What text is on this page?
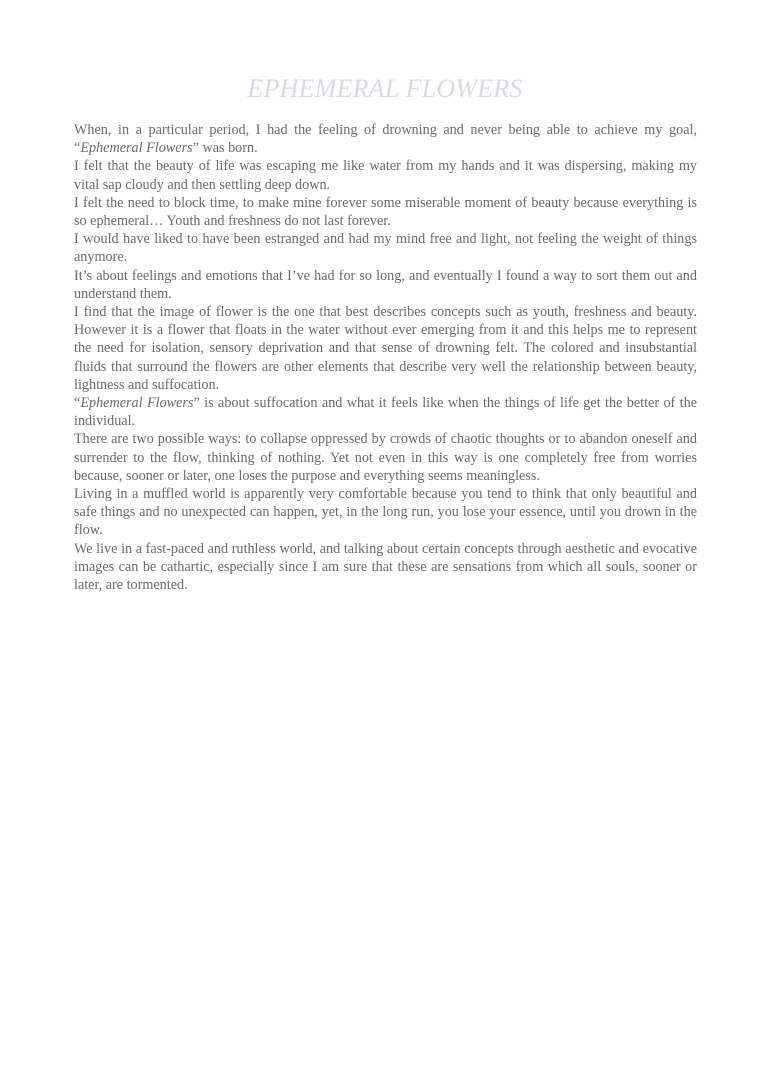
EPHEMERAL FLOWERS

When, in a particular period, I had the feeling of drowning and never being able to achieve my goal, “Ephemeral Flowers” was born.

I felt that the beauty of life was escaping me like water from my hands and it was dispersing, making my vital sap cloudy and then settling deep down.

I felt the need to block time, to make mine forever some miserable moment of beauty because everything is so ephemeral… Youth and freshness do not last forever.

I would have liked to have been estranged and had my mind free and light, not feeling the weight of things anymore.

It’s about feelings and emotions that I’ve had for so long, and eventually I found a way to sort them out and understand them.

I find that the image of flower is the one that best describes concepts such as youth, freshness and beauty. However it is a flower that floats in the water without ever emerging from it and this helps me to represent the need for isolation, sensory deprivation and that sense of drowning felt. The colored and insubstantial fluids that surround the flowers are other elements that describe very well the relationship between beauty, lightness and suffocation.

“Ephemeral Flowers” is about suffocation and what it feels like when the things of life get the better of the individual.

There are two possible ways: to collapse oppressed by crowds of chaotic thoughts or to abandon oneself and surrender to the flow, thinking of nothing. Yet not even in this way is one completely free from worries because, sooner or later, one loses the purpose and everything seems meaningless.

Living in a muffled world is apparently very comfortable because you tend to think that only beautiful and safe things and no unexpected can happen, yet, in the long run, you lose your essence, until you drown in the flow.

We live in a fast-paced and ruthless world, and talking about certain concepts through aesthetic and evocative images can be cathartic, especially since I am sure that these are sensations from which all souls, sooner or later, are tormented.
